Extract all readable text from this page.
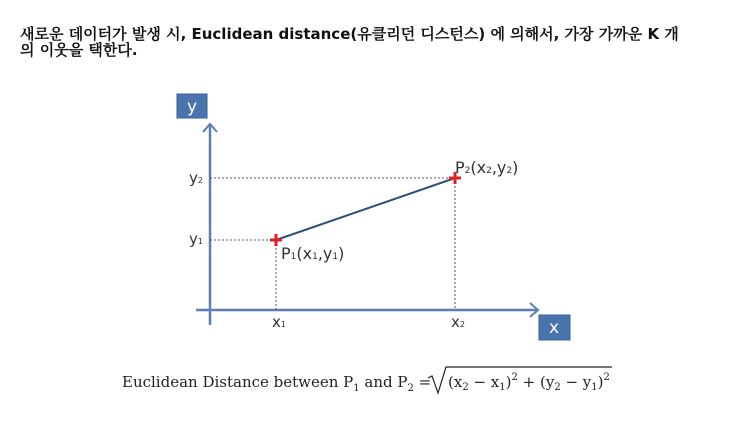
새로운 데이터가 발생 시, Euclidean distance(유클리던 디스턴스) 에 의해서, 가장 가까운 K 개
의 이웃을 택한다.
y
x
P1(x1,y1)
P2(x2,y2)
y2
y1
x1	x2
Euclidean Distance between $P_1$ and $P_2 = (x_2 - x_1)^2 + (y_2 - y_1)^2$
